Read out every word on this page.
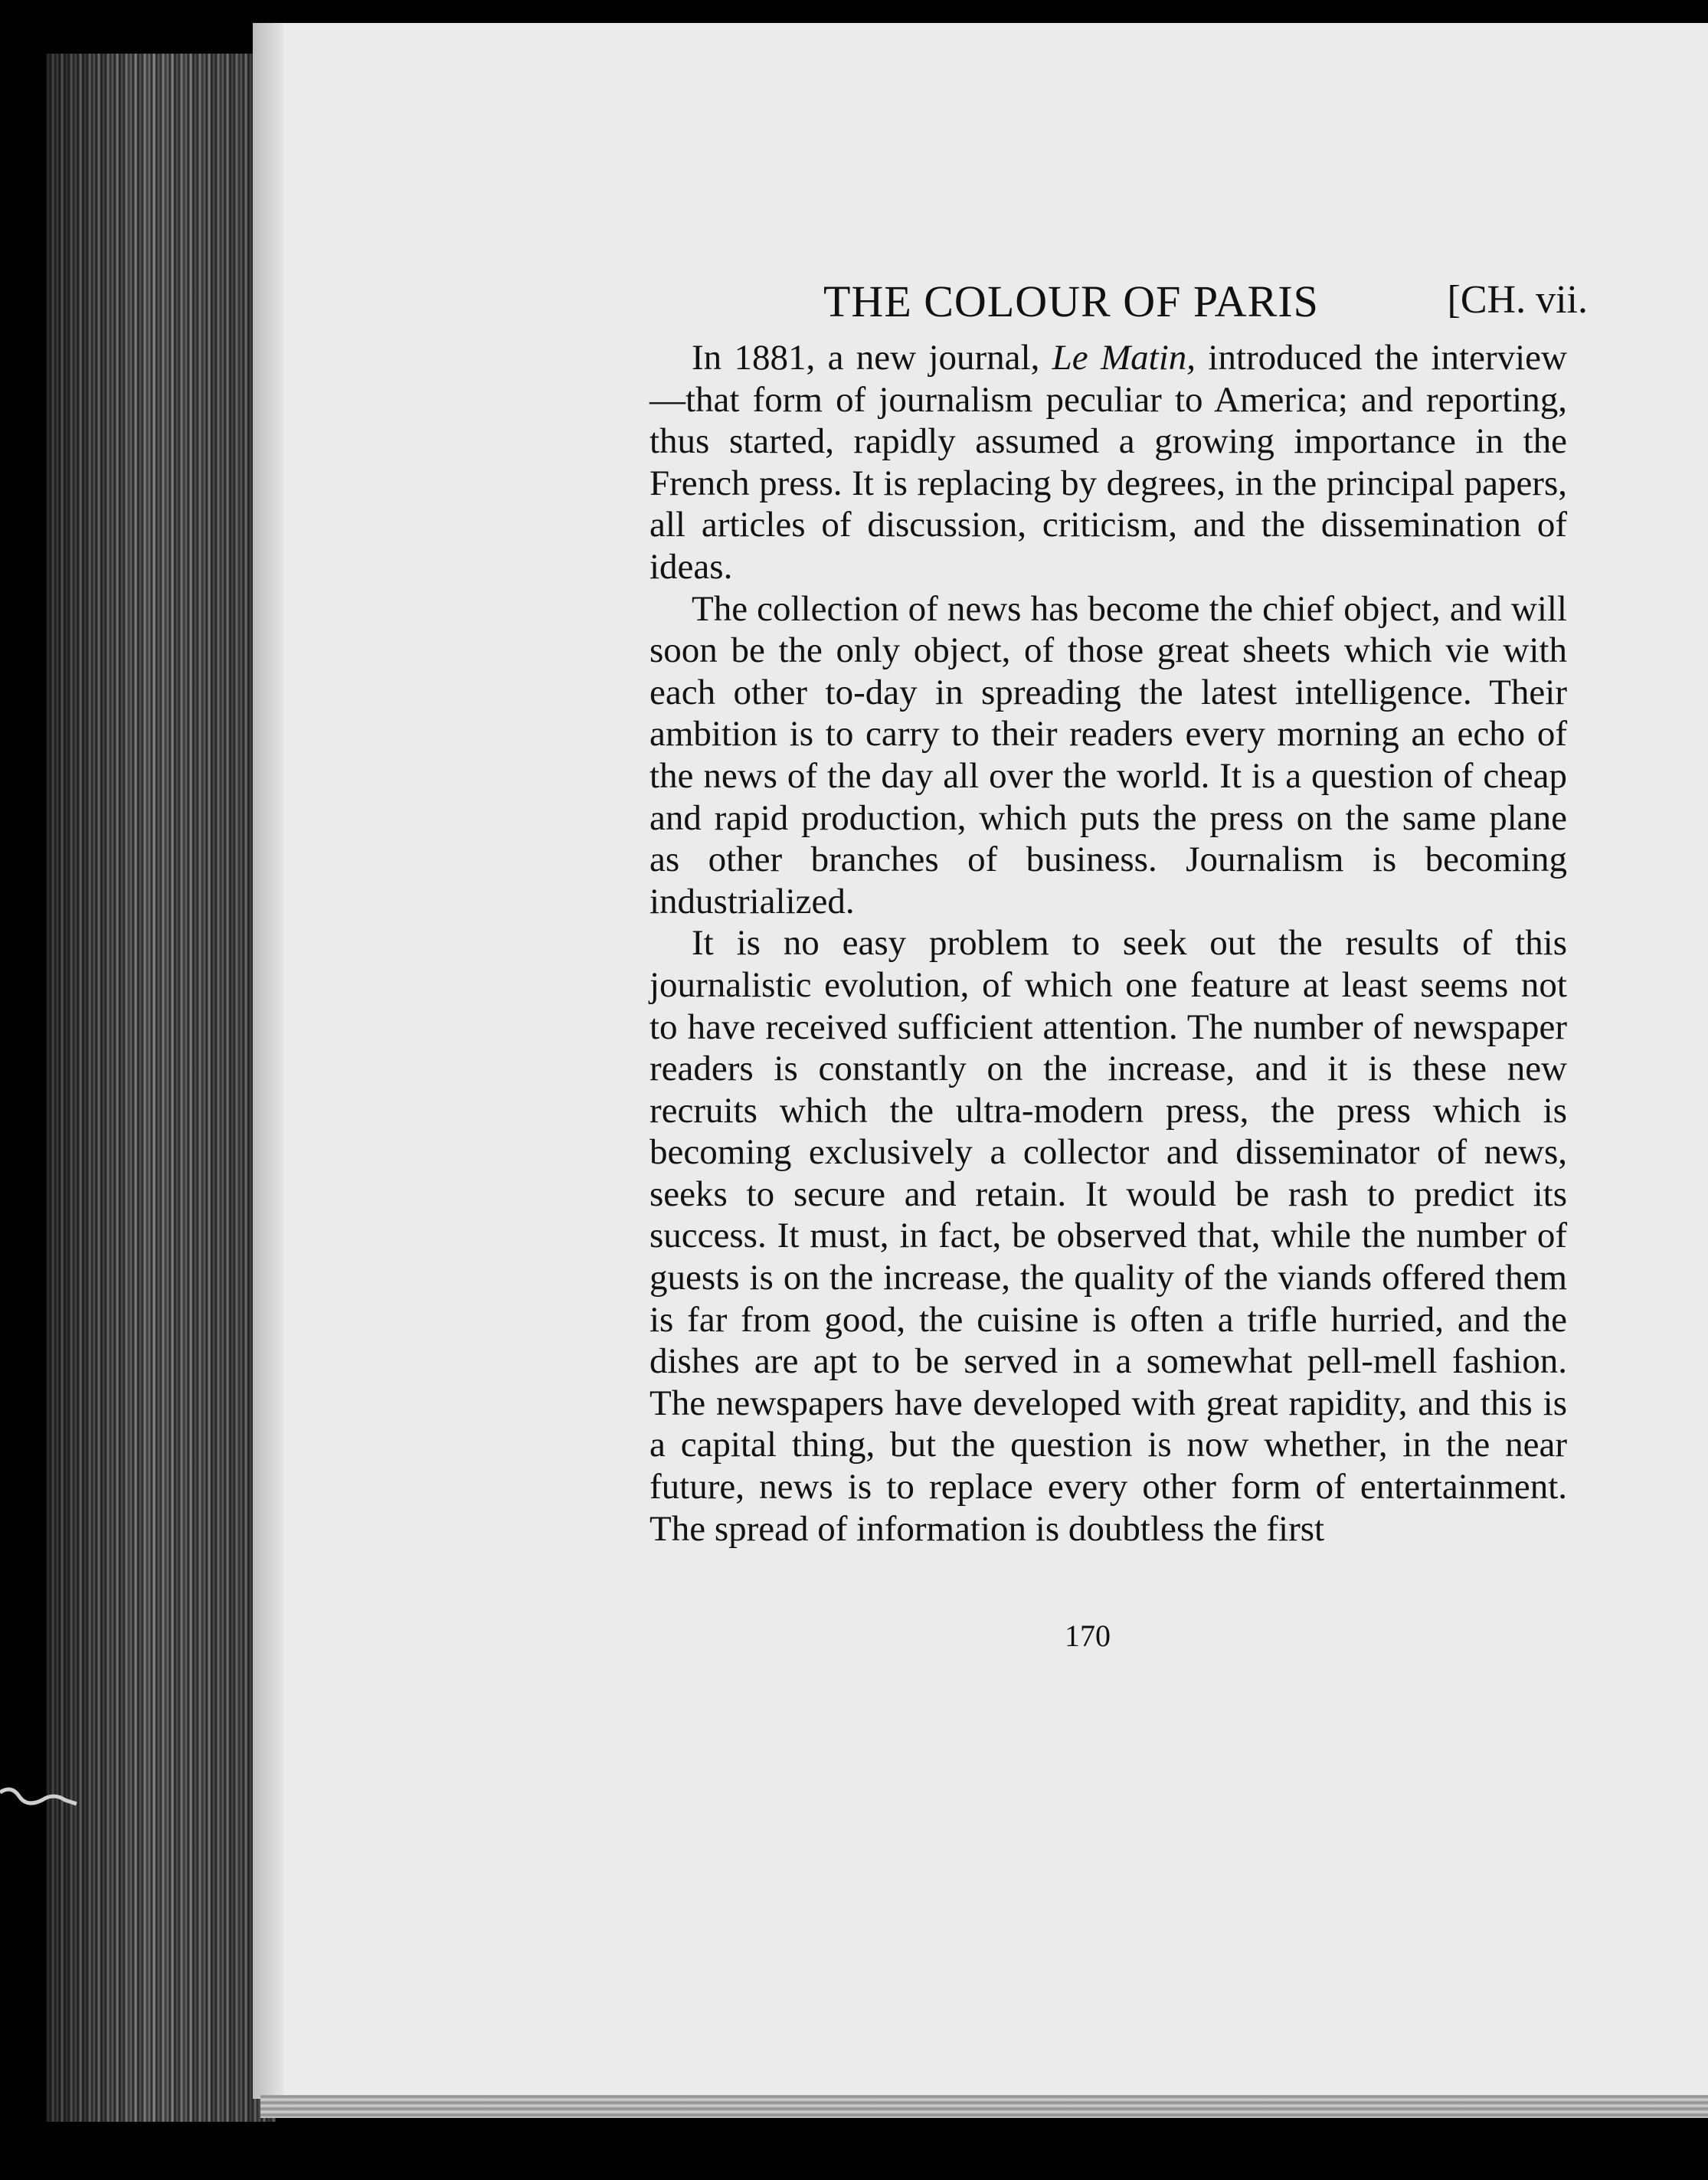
THE COLOUR OF PARIS	[CH. vii.

In 1881, a new journal, Le Matin, introduced the interview—that form of journalism peculiar to America; and reporting, thus started, rapidly assumed a growing importance in the French press. It is replacing by degrees, in the principal papers, all articles of discussion, criticism, and the dissemination of ideas.

The collection of news has become the chief object, and will soon be the only object, of those great sheets which vie with each other to-day in spreading the latest intelligence. Their ambition is to carry to their readers every morning an echo of the news of the day all over the world. It is a question of cheap and rapid production, which puts the press on the same plane as other branches of business. Journalism is becoming industrialized.

It is no easy problem to seek out the results of this journalistic evolution, of which one feature at least seems not to have received sufficient attention. The number of newspaper readers is constantly on the increase, and it is these new recruits which the ultra-modern press, the press which is becoming exclusively a collector and disseminator of news, seeks to secure and retain. It would be rash to predict its success. It must, in fact, be observed that, while the number of guests is on the increase, the quality of the viands offered them is far from good, the cuisine is often a trifle hurried, and the dishes are apt to be served in a somewhat pell-mell fashion. The newspapers have developed with great rapidity, and this is a capital thing, but the question is now whether, in the near future, news is to replace every other form of entertainment. The spread of information is doubtless the first

170
